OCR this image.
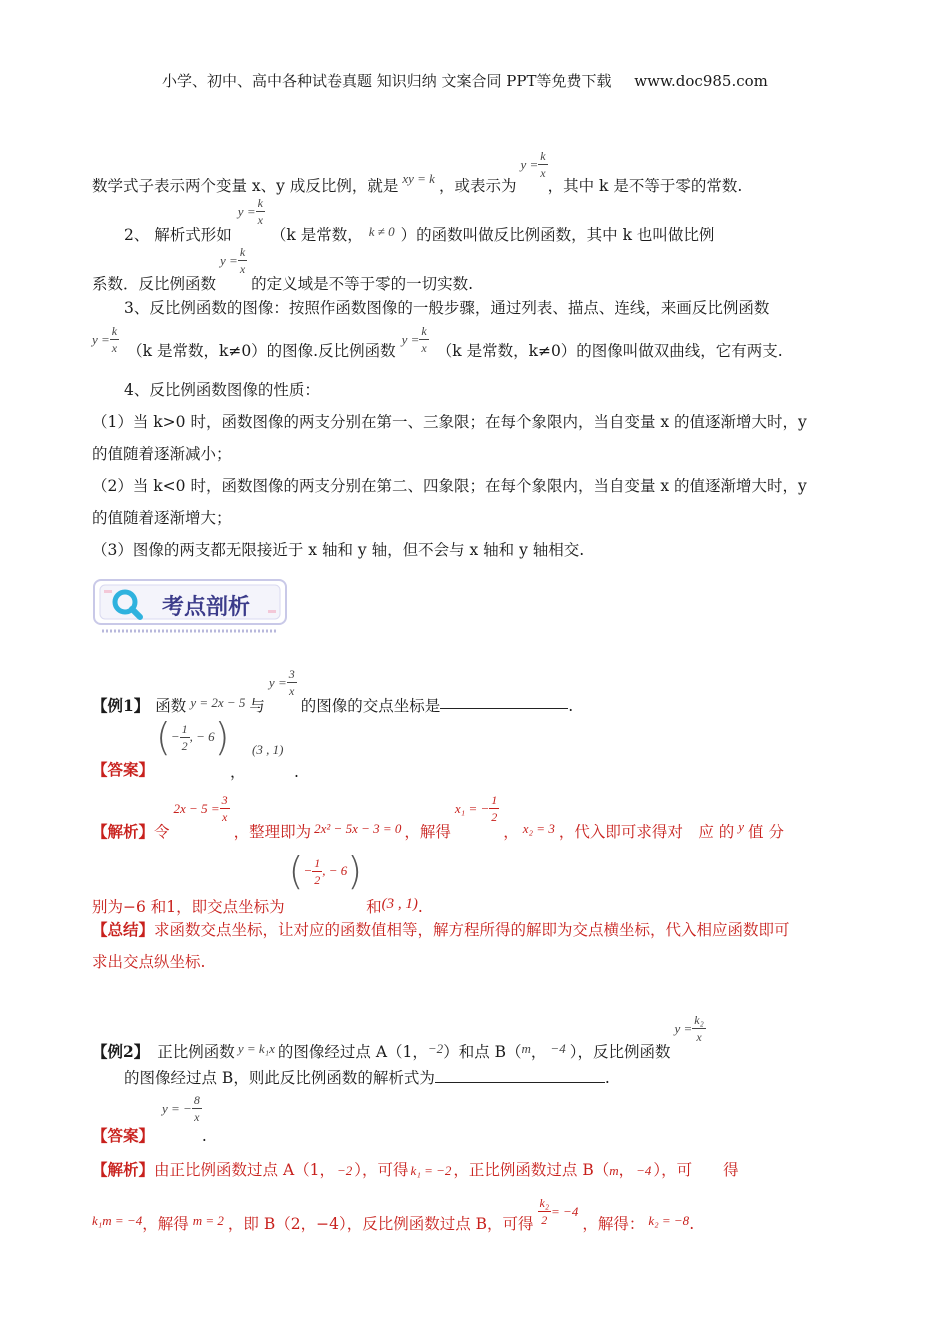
小学、初中、高中各种试卷真题 知识归纳 文案合同 PPT等免费下载 www.doc985.com
数学式子表示两个变量 x、y 成反比例，就是 $_{xy = k}$ ，或表示为
$y = \frac{k}{x}$
，其中 k 是不等于零的常数.
2、 解析式形如
$y = \frac{k}{x}$
（k 是常数， $_{k \ne 0}$ ）的函数叫做反比例函数，其中 k 也叫做比例
系数．反比例函数
$y = \frac{k}{x}$
的定义域是不等于零的一切实数.
3、反比例函数的图像：按照作函数图像的一般步骤，通过列表、描点、连线，来画反比例函数
$y = \frac{k}{x} (k$ 是常数，k≠0）的图像.反比例函数
$y = \frac{k}{x} (k$ 是常数，k≠0）的图像叫做双曲线，它有两支.
4、反比例函数图像的性质：
（1）当 k>0 时，函数图像的两支分别在第一、三象限；在每个象限内，当自变量 x 的值逐渐增大时，y
的值随着逐渐减小；
（2）当 k<0 时，函数图像的两支分别在第二、四象限；在每个象限内，当自变量 x 的值逐渐增大时，y
的值随着逐渐增大；
（3）图像的两支都无限接近于 x 轴和 y 轴，但不会与 x 轴和 y 轴相交.
考点剖析
【例1】 函数 $_{y = 2x - 5}$ 与
$y = \frac{3}{x}$
的图像的交点坐标是	.
【答案】
( − $\frac{1}{2}$ , − 6 ) (3 , 1)
，	.
【解析】令
$2x - 5 = \frac{3}{x}$
，整理即为 $_{2x^2 - 5x - 3 = 0}$ ，解得
x₁ = − $\frac{1}{2}$
， $_{x_2 = 3}$ ，代入即可求得对　应 的 $_y$ 值 分
别为−6 和1，即交点坐标为
( − $\frac{1}{2}$ , − 6 )
和(3 , 1).
【总结】求函数交点坐标，让对应的函数值相等，解方程所得的解即为交点横坐标，代入相应函数即可
求出交点纵坐标.
【例2】 正比例函数 $_{y = k_1x}$ 的图像经过点 A（1，$_{-2}$）和点 $B(_m$， $_{-4}$ ），反比例函数
$y = \frac{\text{k₂}}{x}$
的图像经过点 B，则此反比例函数的解析式为	.
【答案】
y = − $\frac{8}{x}$
.
【解析】由正比例函数过点 A（1， −2 ），可得 k₁ = −2 ，正比例函数过点 B（m， −4 ），可　　得
$_{k_1m = -4}$，解得 $_{m = 2}$ ，即 B（2，−4），反比例函数过点 B，可得 $\frac{\text{k₂}}{2} = -4$
，解得： $_{k_2 = -8}$.
